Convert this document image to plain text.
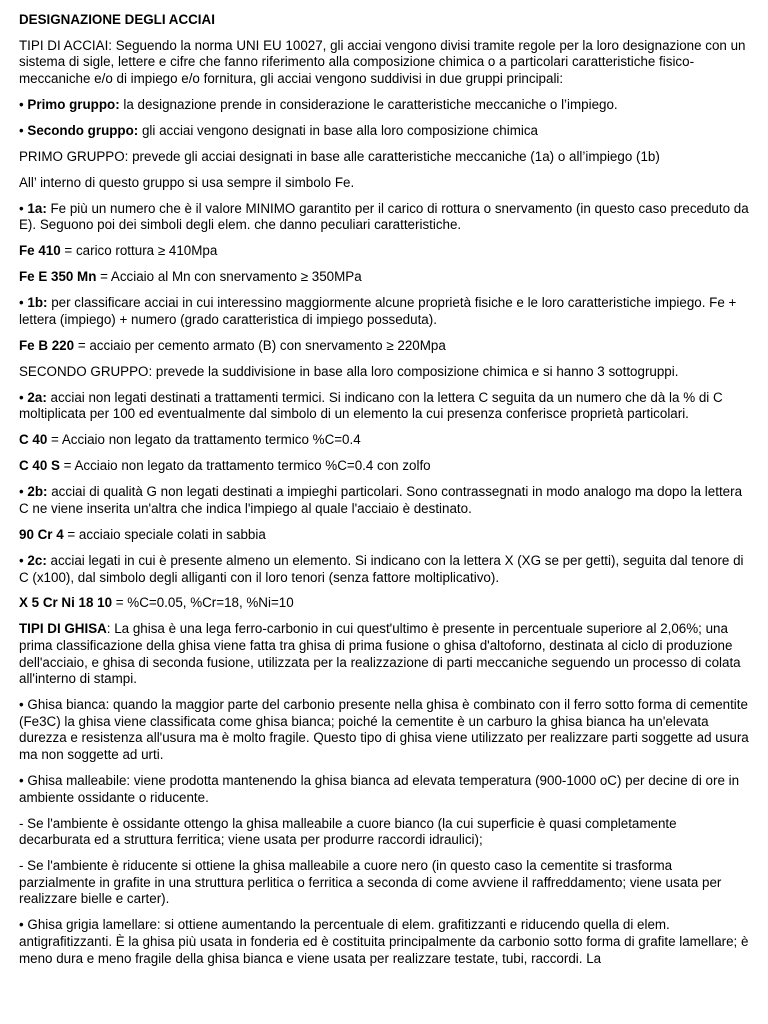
DESIGNAZIONE DEGLI ACCIAI

TIPI DI ACCIAI: Seguendo la norma UNI EU 10027, gli acciai vengono divisi tramite regole per la loro designazione con un sistema di sigle, lettere e cifre che fanno riferimento alla composizione chimica o a particolari caratteristiche fisico-meccaniche e/o di impiego e/o fornitura, gli acciai vengono suddivisi in due gruppi principali:

• Primo gruppo: la designazione prende in considerazione le caratteristiche meccaniche o l’impiego.

• Secondo gruppo: gli acciai vengono designati in base alla loro composizione chimica

PRIMO GRUPPO: prevede gli acciai designati in base alle caratteristiche meccaniche (1a) o all’impiego (1b)

All’ interno di questo gruppo si usa sempre il simbolo Fe.

• 1a: Fe più un numero che è il valore MINIMO garantito per il carico di rottura o snervamento (in questo caso preceduto da E). Seguono poi dei simboli degli elem. che danno peculiari caratteristiche.

Fe 410 = carico rottura ≥ 410Mpa

Fe E 350 Mn = Acciaio al Mn con snervamento ≥ 350MPa

• 1b: per classificare acciai in cui interessino maggiormente alcune proprietà fisiche e le loro caratteristiche impiego. Fe + lettera (impiego) + numero (grado caratteristica di impiego posseduta).

Fe B 220 = acciaio per cemento armato (B) con snervamento ≥ 220Mpa

SECONDO GRUPPO: prevede la suddivisione in base alla loro composizione chimica e si hanno 3 sottogruppi.

• 2a: acciai non legati destinati a trattamenti termici. Si indicano con la lettera C seguita da un numero che dà la % di C moltiplicata per 100 ed eventualmente dal simbolo di un elemento la cui presenza conferisce proprietà particolari.

C 40 = Acciaio non legato da trattamento termico %C=0.4

C 40 S = Acciaio non legato da trattamento termico %C=0.4 con zolfo

• 2b: acciai di qualità G non legati destinati a impieghi particolari. Sono contrassegnati in modo analogo ma dopo la lettera C ne viene inserita un'altra che indica l'impiego al quale l'acciaio è destinato.

90 Cr 4 = acciaio speciale colati in sabbia

• 2c: acciai legati in cui è presente almeno un elemento. Si indicano con la lettera X (XG se per getti), seguita dal tenore di C (x100), dal simbolo degli alliganti con il loro tenori (senza fattore moltiplicativo).

X 5 Cr Ni 18 10 = %C=0.05, %Cr=18, %Ni=10

TIPI DI GHISA: La ghisa è una lega ferro-carbonio in cui quest'ultimo è presente in percentuale superiore al 2,06%; una prima classificazione della ghisa viene fatta tra ghisa di prima fusione o ghisa d'altoforno, destinata al ciclo di produzione dell'acciaio, e ghisa di seconda fusione, utilizzata per la realizzazione di parti meccaniche seguendo un processo di colata all'interno di stampi.

• Ghisa bianca: quando la maggior parte del carbonio presente nella ghisa è combinato con il ferro sotto forma di cementite (Fe3C) la ghisa viene classificata come ghisa bianca; poiché la cementite è un carburo la ghisa bianca ha un'elevata durezza e resistenza all'usura ma è molto fragile. Questo tipo di ghisa viene utilizzato per realizzare parti soggette ad usura ma non soggette ad urti.

• Ghisa malleabile: viene prodotta mantenendo la ghisa bianca ad elevata temperatura (900-1000 oC) per decine di ore in ambiente ossidante o riducente.

- Se l'ambiente è ossidante ottengo la ghisa malleabile a cuore bianco (la cui superficie è quasi completamente decarburata ed a struttura ferritica; viene usata per produrre raccordi idraulici);

- Se l'ambiente è riducente si ottiene la ghisa malleabile a cuore nero (in questo caso la cementite si trasforma parzialmente in grafite in una struttura perlitica o ferritica a seconda di come avviene il raffreddamento; viene usata per realizzare bielle e carter).

• Ghisa grigia lamellare: si ottiene aumentando la percentuale di elem. grafitizzanti e riducendo quella di elem. antigrafitizzanti. È la ghisa più usata in fonderia ed è costituita principalmente da carbonio sotto forma di grafite lamellare; è meno dura e meno fragile della ghisa bianca e viene usata per realizzare testate, tubi, raccordi. La
